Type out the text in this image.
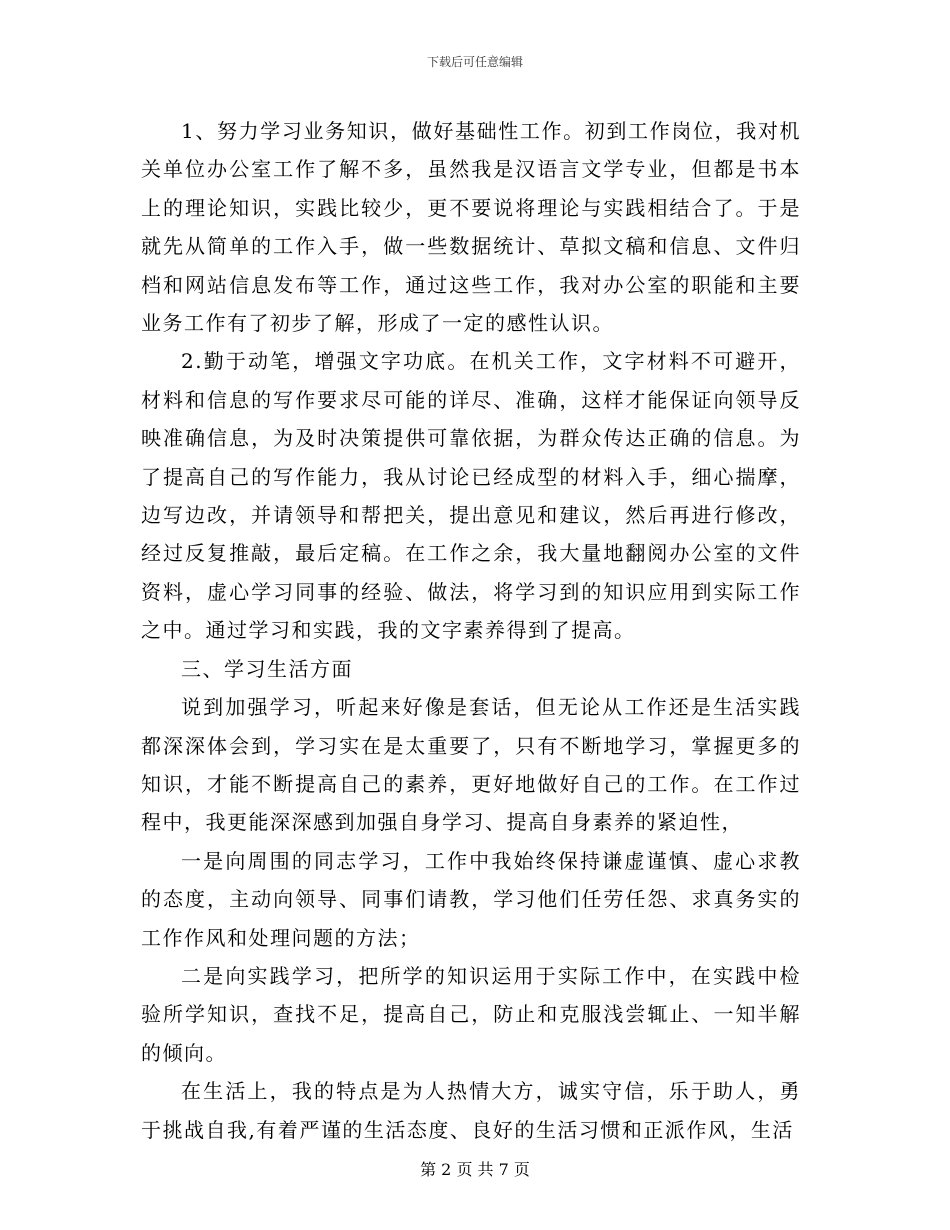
下载后可任意编辑

1、努力学习业务知识，做好基础性工作。初到工作岗位，我对机关单位办公室工作了解不多，虽然我是汉语言文学专业，但都是书本上的理论知识，实践比较少，更不要说将理论与实践相结合了。于是就先从简单的工作入手，做一些数据统计、草拟文稿和信息、文件归档和网站信息发布等工作，通过这些工作，我对办公室的职能和主要业务工作有了初步了解，形成了一定的感性认识。

2.勤于动笔，增强文字功底。在机关工作，文字材料不可避开，材料和信息的写作要求尽可能的详尽、准确，这样才能保证向领导反映准确信息，为及时决策提供可靠依据，为群众传达正确的信息。为了提高自己的写作能力，我从讨论已经成型的材料入手，细心揣摩，边写边改，并请领导和帮把关，提出意见和建议，然后再进行修改，经过反复推敲，最后定稿。在工作之余，我大量地翻阅办公室的文件资料，虚心学习同事的经验、做法，将学习到的知识应用到实际工作之中。通过学习和实践，我的文字素养得到了提高。

三、学习生活方面

说到加强学习，听起来好像是套话，但无论从工作还是生活实践都深深体会到，学习实在是太重要了，只有不断地学习，掌握更多的知识，才能不断提高自己的素养，更好地做好自己的工作。在工作过程中，我更能深深感到加强自身学习、提高自身素养的紧迫性，

一是向周围的同志学习，工作中我始终保持谦虚谨慎、虚心求教的态度，主动向领导、同事们请教，学习他们任劳任怨、求真务实的工作作风和处理问题的方法；

二是向实践学习，把所学的知识运用于实际工作中，在实践中检验所学知识，查找不足，提高自己，防止和克服浅尝辄止、一知半解的倾向。

在生活上，我的特点是为人热情大方，诚实守信，乐于助人，勇于挑战自我,有着严谨的生活态度、良好的生活习惯和正派作风，生活

第 2 页 共 7 页
